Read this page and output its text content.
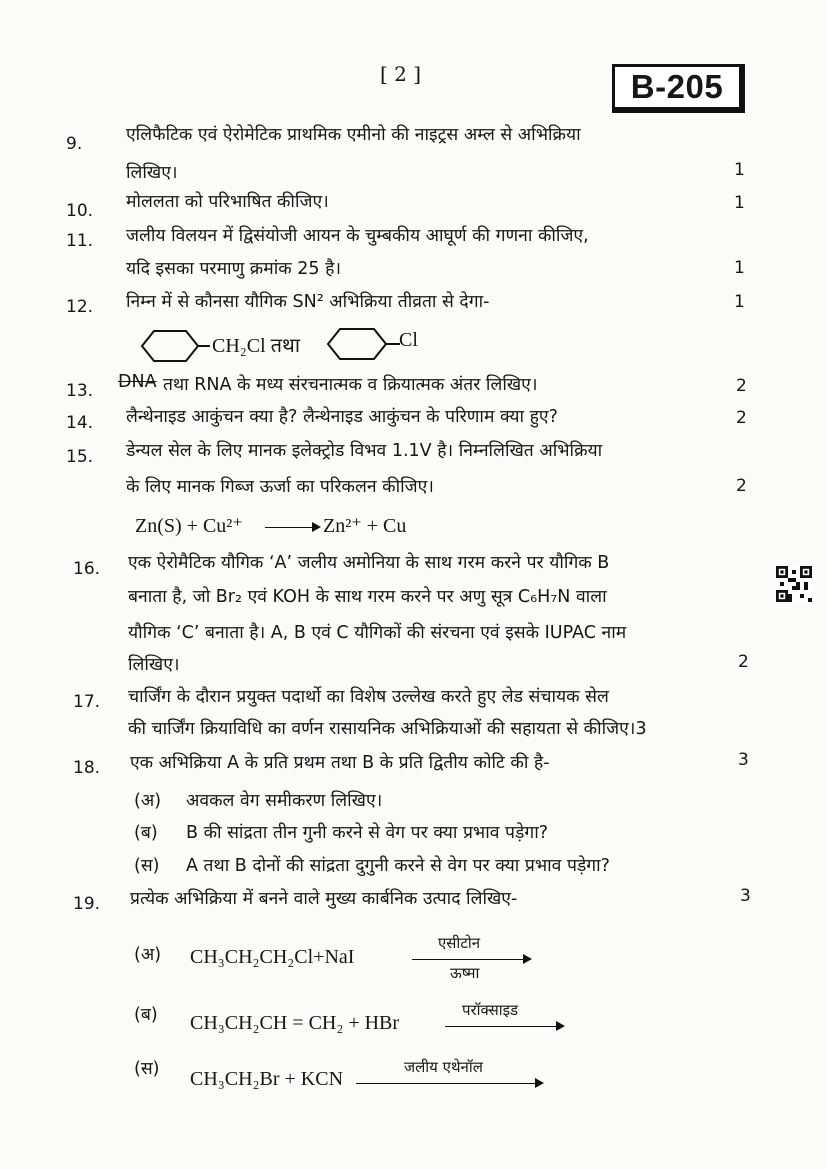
[ 2 ]	B-205
9.	एलिफैटिक एवं ऐरोमेटिक प्राथमिक एमीनो की नाइट्रस अम्ल से अभिक्रिया
लिखिए।	1
10. मोललता को परिभाषित कीजिए।	1
11. जलीय विलयन में द्विसंयोजी आयन के चुम्बकीय आघूर्ण की गणना कीजिए,
यदि इसका परमाणु क्रमांक 25 है।	1
12. निम्न में से कौनसा यौगिक SN² अभिक्रिया तीव्रता से देगा-	1
CH₂Cl तथा	Cl
13. DNA तथा RNA के मध्य संरचनात्मक व क्रियात्मक अंतर लिखिए।	2
14. लैन्थेनाइड आकुंचन क्या है? लैन्थेनाइड आकुंचन के परिणाम क्या हुए?	2
15. डेन्यल सेल के लिए मानक इलेक्ट्रोड विभव 1.1V है। निम्नलिखित अभिक्रिया
के लिए मानक गिब्ज ऊर्जा का परिकलन कीजिए।	2
Zn(S) + Cu²⁺ → Zn²⁺ + Cu
16. एक ऐरोमैटिक यौगिक ‘A’ जलीय अमोनिया के साथ गरम करने पर यौगिक B
बनाता है, जो Br₂ एवं KOH के साथ गरम करने पर अणु सूत्र C₆H₇N वाला
यौगिक ‘C’ बनाता है। A, B एवं C यौगिकों की संरचना एवं इसके IUPAC नाम
लिखिए।	2
17. चार्जिंग के दौरान प्रयुक्त पदार्थो का विशेष उल्लेख करते हुए लेड संचायक सेल
की चार्जिंग क्रियाविधि का वर्णन रासायनिक अभिक्रियाओं की सहायता से कीजिए।3
18. एक अभिक्रिया A के प्रति प्रथम तथा B के प्रति द्वितीय कोटि की है-	3
(अ) अवकल वेग समीकरण लिखिए।
(ब) B की सांद्रता तीन गुनी करने से वेग पर क्या प्रभाव पड़ेगा?
(स) A तथा B दोनों की सांद्रता दुगुनी करने से वेग पर क्या प्रभाव पड़ेगा?
19. प्रत्येक अभिक्रिया में बनने वाले मुख्य कार्बनिक उत्पाद लिखिए-	3
(अ) CH₃CH₂CH₂Cl+NaI
एसीटोन
ऊष्मा
(ब) CH₃CH₂CH = CH₂ + HBr
परॉक्साइड
(स) CH₃CH₂Br + KCN
जलीय एथेनॉल
